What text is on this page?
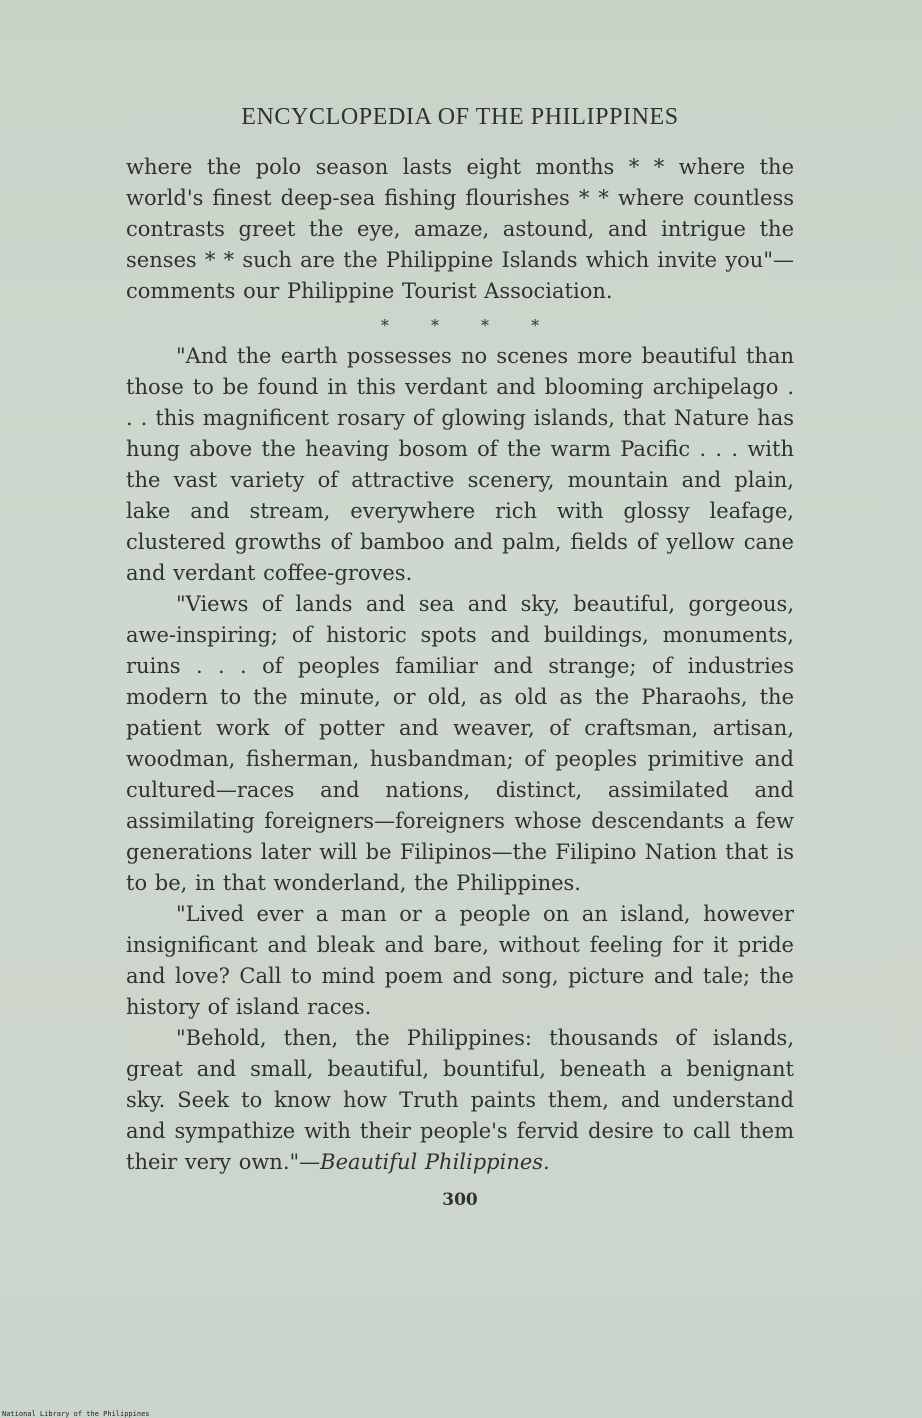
ENCYCLOPEDIA OF THE PHILIPPINES

where the polo season lasts eight months * * where the world's finest deep-sea fishing flourishes * * where countless contrasts greet the eye, amaze, astound, and intrigue the senses * * such are the Philippine Islands which invite you"—comments our Philippine Tourist Association.

* * * *

"And the earth possesses no scenes more beautiful than those to be found in this verdant and blooming archipelago . . . this magnificent rosary of glowing islands, that Nature has hung above the heaving bosom of the warm Pacific . . . with the vast variety of attractive scenery, mountain and plain, lake and stream, everywhere rich with glossy leafage, clustered growths of bamboo and palm, fields of yellow cane and verdant coffee-groves.

"Views of lands and sea and sky, beautiful, gorgeous, awe-inspiring; of historic spots and buildings, monuments, ruins . . . of peoples familiar and strange; of industries modern to the minute, or old, as old as the Pharaohs, the patient work of potter and weaver, of craftsman, artisan, woodman, fisherman, husbandman; of peoples primitive and cultured—races and nations, distinct, assimilated and assimilating foreigners—foreigners whose descendants a few generations later will be Filipinos—the Filipino Nation that is to be, in that wonderland, the Philippines.

"Lived ever a man or a people on an island, however insignificant and bleak and bare, without feeling for it pride and love? Call to mind poem and song, picture and tale; the history of island races.

"Behold, then, the Philippines: thousands of islands, great and small, beautiful, bountiful, beneath a benignant sky. Seek to know how Truth paints them, and understand and sympathize with their people's fervid desire to call them their very own."—Beautiful Philippines.

300
National Library of the Philippines
